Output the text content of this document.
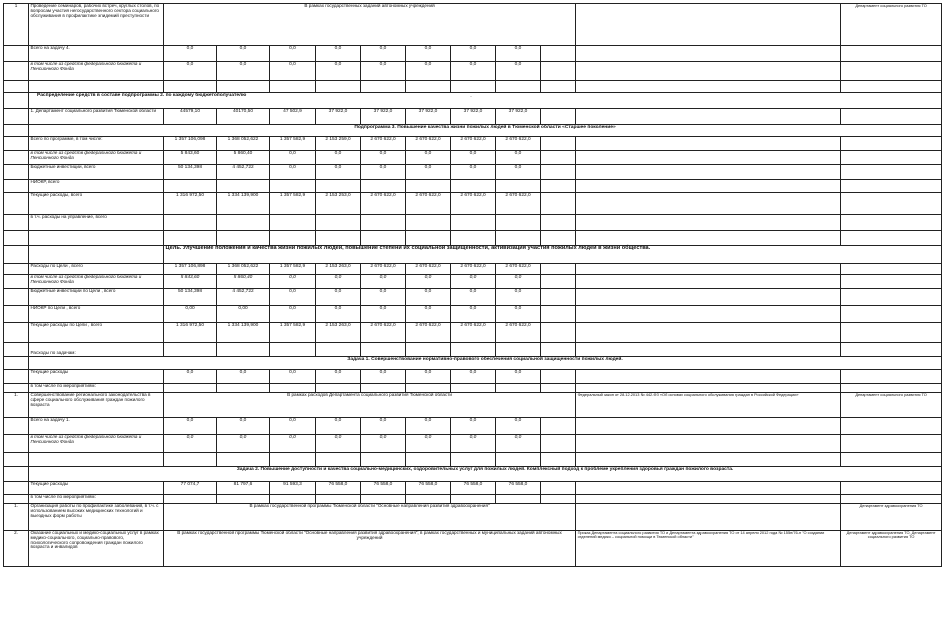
·
1	Проведение семинаров, рабочих встреч, круглых столов, по вопросам участия негосударственного сектора социального обслуживания в профилактике эпидемий преступности	В рамках государственных заданий автономных учреждений										Департамент социального развития ТО
	Всего на задачу 4.	0,0	0,0	0,0	0,0	0,0	0,0	0,0	0,0			
	в том числе из средств федерального бюджета и Пенсионного Фонда	0,0	0,0	0,0	0,0	0,0	0,0	0,0	0,0			

	Распределение средств в составе подпрограммы 2. по каждому бюджетополучателю											
	1. Департамент социального развития Тюменской области	44579,10	40170,50	47 502,9	37 922,0	37 922,0	37 922,0	37 922,0	37 922,0			
	Подпрограмма 3. Повышение качества жизни пожилых людей в Тюменской области «Старшее поколение»											
	Всего по программе, в том числе:	1 357 106,098	1 368 052,622	1 357 582,9	2 153 259,0	2 670 622,0	2 670 622,0	2 670 622,0	2 670 622,0			
	в том числе из средств федерального бюджета и Пенсионного Фонда	5 843,60	5 860,40	0,0	0,0	0,0	0,0	0,0	0,0			
	Бюджетные инвестиции, всего	50 134,398	4 452,722	0,0	0,0	0,0	0,0	0,0	0,0			
	НИОКР, всего											
	Текущие расходы, всего	1 316 972,50	1 334 139,900	1 357 582,9	2 153 253,0	2 670 622,0	2 670 622,0	2 670 622,0	2 670 622,0			
	в т.ч. расходы на управление, всего											

		Цель. Улучшение положения и качества жизни пожилых людей, повышение степени их социальной защищенности, активизация участия пожилых людей в жизни общества.										
	Расходы по Цели , всего	1 357 106,898	1 368 052,622	1 357 582,9	2 153 263,0	2 670 622,0	2 670 622,0	2 670 622,0	2 670 622,0			
	в том числе из средств федерального бюджета и Пенсионного Фонда	5 843,60	5 860,40	0,0	0,0	0,0	0,0	0,0	0,0			
	Бюджетные инвестиции по Цели , всего	50 134,398	4 452,722	0,0	0,0	0,0	0,0	0,0	0,0			
	НИОКР по Цели , всего	0,00	0,00	0,0	0,0	0,0	0,0	0,0	0,0			
	Текущие расходы по Цели , всего	1 316 972,50	1 334 139,900	1 357 582,9	2 153 263,0	2 670 622,0	2 670 622,0	2 670 622,0	2 670 622,0			
	Расходы по задачам:											
	Задача 1. Совершенствование нормативно-правового обеспечения социальной защищенности пожилых людей.											
	Текущие расходы	0,0	0,0	0,0	0,0	0,0	0,0	0,0	0,0			
	в том числе по мероприятиям:											
1.	Совершенствование регионального законодательства в сфере социального обслуживания граждан пожилого возраста	В рамках расходов Департамента социального развития Тюменской области									Федеральный закон от 28.12.2013 № 442-ФЗ «Об основах социального обслуживания граждан в Российской Федерации»	Департамент социального развития ТО
	Всего на задачу 1.	0,0	0,0	0,0	0,0	0,0	0,0	0,0	0,0			
	в том числе из средств федерального бюджета и Пенсионного Фонда	0,0	0,0	0,0	0,0	0,0	0,0	0,0	0,0			

	Задача 2. Повышение доступности и качества социально-медицинских, оздоровительных услуг для пожилых людей. Комплексный подход к проблеме укрепления здоровья граждан пожилого возраста.											
	Текущие расходы	77 074,7	81 797,6	91 593,3	76 558,0	76 558,0	76 558,0	76 558,0	76 558,0			
	в том числе по мероприятиям:											
1.	Организация работы по профилактике заболеваний, в т.ч. с использованием высоких медицинских технологий и выездных форм работы	В рамках государственной программы Тюменской области "Основные направления развития здравоохранения"										Департамент здравоохранения ТО
2.	Оказание социальных и медико-социальных услуг в рамках медико-социального, социально-правового, психологического сопровождения граждан пожилого возраста и инвалидов	В рамках государственной программы Тюменской области "Основные направления развития здравоохранения"; в рамках государственных и муниципальных заданий автономных учреждений									Приказ Департамента социального развития ТО и Департамента здравоохранения ТО от 14 апреля 2012 года № 155п/76-п "О создании отделений медико – социальной помощи в Тюменской области"	Департамент здравоохранения ТО, Департамент социального развития ТО
